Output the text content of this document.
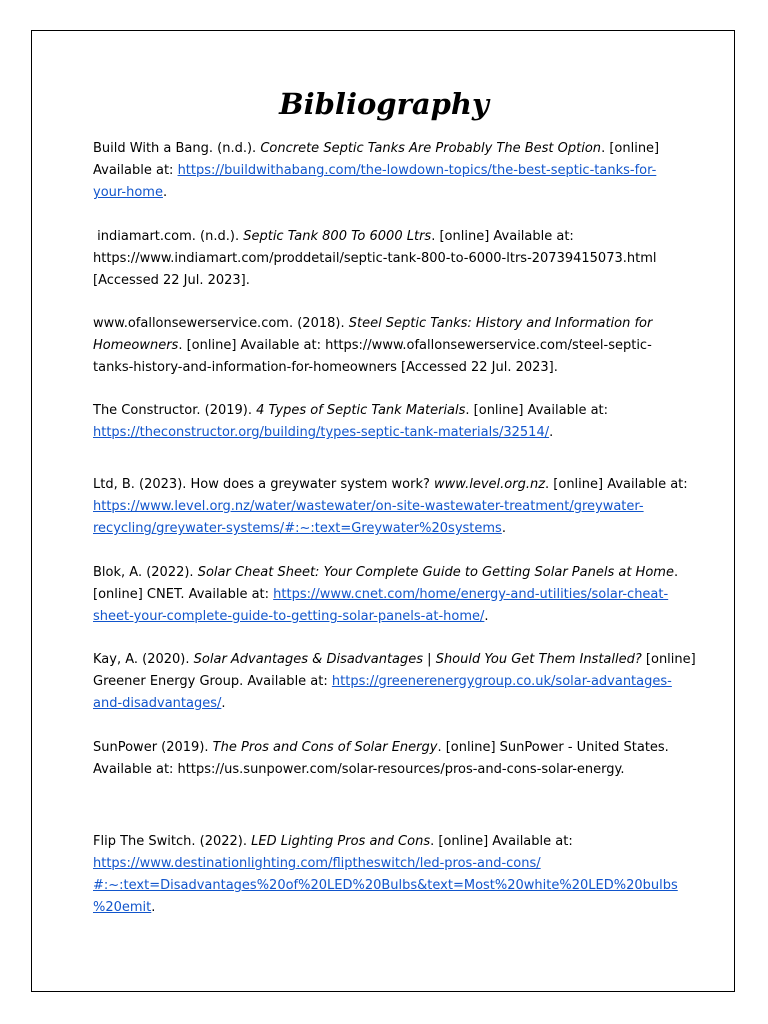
Bibliography

Build With a Bang. (n.d.). Concrete Septic Tanks Are Probably The Best Option. [online]
Available at: https://buildwithabang.com/the-lowdown-topics/the-best-septic-tanks-for-
your-home.

indiamart.com. (n.d.). Septic Tank 800 To 6000 Ltrs. [online] Available at:
https://www.indiamart.com/proddetail/septic-tank-800-to-6000-ltrs-20739415073.html
[Accessed 22 Jul. 2023].

www.ofallonsewerservice.com. (2018). Steel Septic Tanks: History and Information for
Homeowners. [online] Available at: https://www.ofallonsewerservice.com/steel-septic-
tanks-history-and-information-for-homeowners [Accessed 22 Jul. 2023].

The Constructor. (2019). 4 Types of Septic Tank Materials. [online] Available at:
https://theconstructor.org/building/types-septic-tank-materials/32514/.

Ltd, B. (2023). How does a greywater system work? www.level.org.nz. [online] Available at:
https://www.level.org.nz/water/wastewater/on-site-wastewater-treatment/greywater-
recycling/greywater-systems/#:~:text=Greywater%20systems.

Blok, A. (2022). Solar Cheat Sheet: Your Complete Guide to Getting Solar Panels at Home.
[online] CNET. Available at: https://www.cnet.com/home/energy-and-utilities/solar-cheat-
sheet-your-complete-guide-to-getting-solar-panels-at-home/.

Kay, A. (2020). Solar Advantages & Disadvantages | Should You Get Them Installed? [online]
Greener Energy Group. Available at: https://greenerenergygroup.co.uk/solar-advantages-
and-disadvantages/.

SunPower (2019). The Pros and Cons of Solar Energy. [online] SunPower - United States.
Available at: https://us.sunpower.com/solar-resources/pros-and-cons-solar-energy.

Flip The Switch. (2022). LED Lighting Pros and Cons. [online] Available at:
https://www.destinationlighting.com/fliptheswitch/led-pros-and-cons/
#:~:text=Disadvantages%20of%20LED%20Bulbs&text=Most%20white%20LED%20bulbs
%20emit.
